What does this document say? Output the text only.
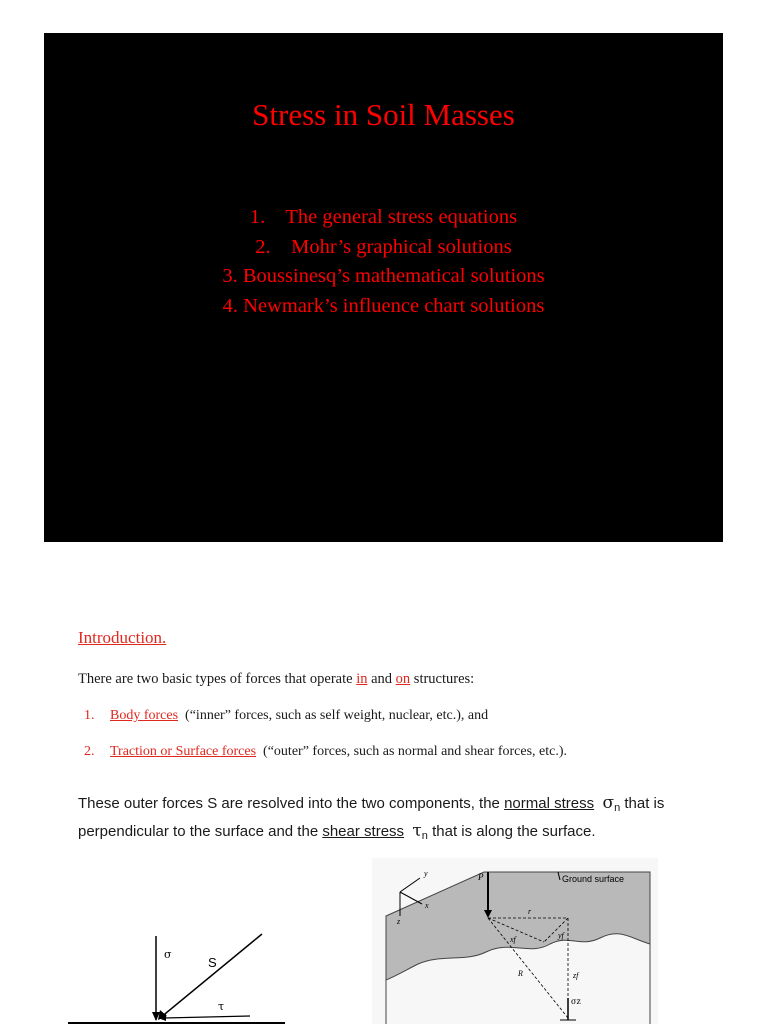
Stress in Soil Masses
1.    The general stress equations
2.    Mohr’s graphical solutions
3. Boussinesq’s mathematical solutions
4. Newmark’s influence chart solutions
Introduction.
There are two basic types of forces that operate in and on structures:
1. Body forces  (“inner” forces, such as self weight, nuclear, etc.), and
2. Traction or Surface forces  (“outer” forces, such as normal and shear forces, etc.).
These outer forces S are resolved into the two components, the normal stress $\sigma_n$ that is
perpendicular to the surface and the shear stress $\tau_n$ that is along the surface.
σ
S
τ
y
x
z
P	Ground surface
r
xf	yf
R	zf
σz
